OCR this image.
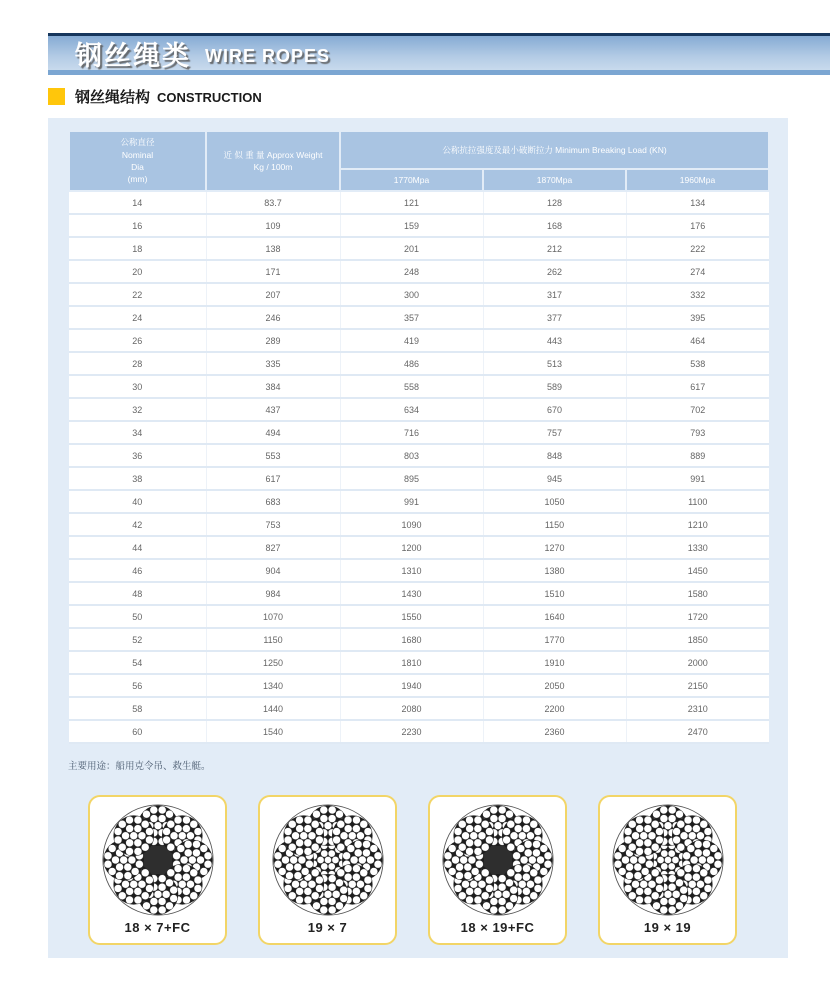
钢丝绳类 WIRE ROPES
钢丝绳结构 CONSTRUCTION
公称直径
Nominal
Dia
(mm)	近 似 重 量 Approx Weight
Kg / 100m	公称抗拉强度及最小破断拉力 Minimum Breaking Load (KN)		
		1770Mpa	1870Mpa	1960Mpa
14	83.7	121	128	134
16	109	159	168	176
18	138	201	212	222
20	171	248	262	274
22	207	300	317	332
24	246	357	377	395
26	289	419	443	464
28	335	486	513	538
30	384	558	589	617
32	437	634	670	702
34	494	716	757	793
36	553	803	848	889
38	617	895	945	991
40	683	991	1050	1100
42	753	1090	1150	1210
44	827	1200	1270	1330
46	904	1310	1380	1450
48	984	1430	1510	1580
50	1070	1550	1640	1720
52	1150	1680	1770	1850
54	1250	1810	1910	2000
56	1340	1940	2050	2150
58	1440	2080	2200	2310
60	1540	2230	2360	2470
主要用途：船用克令吊、救生艇。
18 × 7+FC	19 × 7	18 × 19+FC	19 × 19
